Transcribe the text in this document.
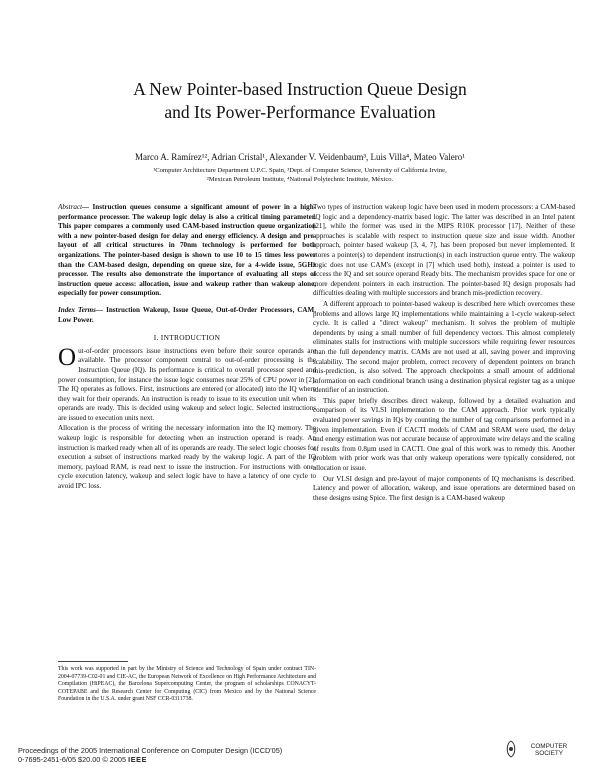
A New Pointer-based Instruction Queue Design
and Its Power-Performance Evaluation
Marco A. Ramírez¹², Adrian Cristal¹, Alexander V. Veidenbaum³, Luis Villa⁴, Mateo Valero¹
¹Computer Architecture Department U.P.C. Spain, ³Dept. of Computer Science, University of California Irvine,
²Mexican Petroleum Institute, ⁴National Polytechnic Institute, México.
Abstract— Instruction queues consume a significant amount of power in a high-performance processor. The wakeup logic delay is also a critical timing parameter. This paper compares a commonly used CAM-based instruction queue organization with a new pointer-based design for delay and energy efficiency. A design and pre-layout of all critical structures in 70nm technology is performed for both organizations. The pointer-based design is shown to use 10 to 15 times less power than the CAM-based design, depending on queue size, for a 4-wide issue, 5GHz processor. The results also demonstrate the importance of evaluating all steps of instruction queue access: allocation, issue and wakeup rather than wakeup alone, especially for power consumption.
Index Terms— Instruction Wakeup, Issue Queue, Out-of-Order Processors, CAM, Low Power.
I. INTRODUCTION

Out-of-order processors issue instructions even before their source operands are available. The processor component central to out-of-order processing is the Instruction Queue (IQ). Its performance is critical to overall processor speed and power consumption, for instance the issue logic consumes near 25% of CPU power in [2]. The IQ operates as follows. First, instructions are entered (or allocated) into the IQ where they wait for their operands. An instruction is ready to issue to its execution unit when its operands are ready. This is decided using wakeup and select logic. Selected instructions are issued to execution units next.

Allocation is the process of writing the necessary information into the IQ memory. The wakeup logic is responsible for detecting when an instruction operand is ready. An instruction is marked ready when all of its operands are ready. The select logic chooses for execution a subset of instructions marked ready by the wakeup logic. A part of the IQ memory, payload RAM, is read next to issue the instruction. For instructions with one-cycle execution latency, wakeup and select logic have to have a latency of one cycle to avoid IPC loss.

This work was supported in part by the Ministry of Science and Technology of Spain under contract TIN-2004-07739-C02-01 and CIE-AC, the European Network of Excellence on High Performance Architecture and Compilation (HiPEAC), the Barcelona Supercomputing Center, the program of scholarships CONACYT-COTEPABE and the Research Center for Computing (CIC) from Mexico and by the National Science Foundation in the U.S.A. under grant NSF CCR-0311738.

Two types of instruction wakeup logic have been used in modern processors: a CAM-based IQ logic and a dependency-matrix based logic. The latter was described in an Intel patent [21], while the former was used in the MIPS R10K processor [17]. Neither of these approaches is scalable with respect to instruction queue size and issue width. Another approach, pointer based wakeup [3, 4, 7], has been proposed but never implemented. It stores a pointer(s) to dependent instruction(s) in each instruction queue entry. The wakeup logic does not use CAM's (except in [7] which used both), instead a pointer is used to access the IQ and set source operand Ready bits. The mechanism provides space for one or more dependent pointers in each instruction. The pointer-based IQ design proposals had difficulties dealing with multiple successors and branch mis-prediction recovery.

A different approach to pointer-based wakeup is described here which overcomes these problems and allows large IQ implementations while maintaining a 1-cycle wakeup-select cycle. It is called a "direct wakeup" mechanism. It solves the problem of multiple dependents by using a small number of full dependency vectors. This almost completely eliminates stalls for instructions with multiple successors while requiring fewer resources than the full dependency matrix. CAMs are not used at all, saving power and improving scalability. The second major problem, correct recovery of dependent pointers on branch mis-prediction, is also solved. The approach checkpoints a small amount of additional information on each conditional branch using a destination physical register tag as a unique identifier of an instruction.

This paper briefly describes direct wakeup, followed by a detailed evaluation and comparison of its VLSI implementation to the CAM approach. Prior work typically evaluated power savings in IQs by counting the number of tag comparisons performed in a given implementation. Even if CACTI models of CAM and SRAM were used, the delay and energy estimation was not accurate because of approximate wire delays and the scaling of results from 0.8µm used in CACTI. One goal of this work was to remedy this. Another problem with prior work was that only wakeup operations were typically considered, not allocation or issue.

Our VLSI design and pre-layout of major components of IQ mechanisms is described. Latency and power of allocation, wakeup, and issue operations are determined based on these designs using Spice. The first design is a CAM-based wakeup

Proceedings of the 2005 International Conference on Computer Design (ICCD'05)
0-7695-2451-6/05 $20.00 © 2005 IEEE
COMPUTER
SOCIETY
